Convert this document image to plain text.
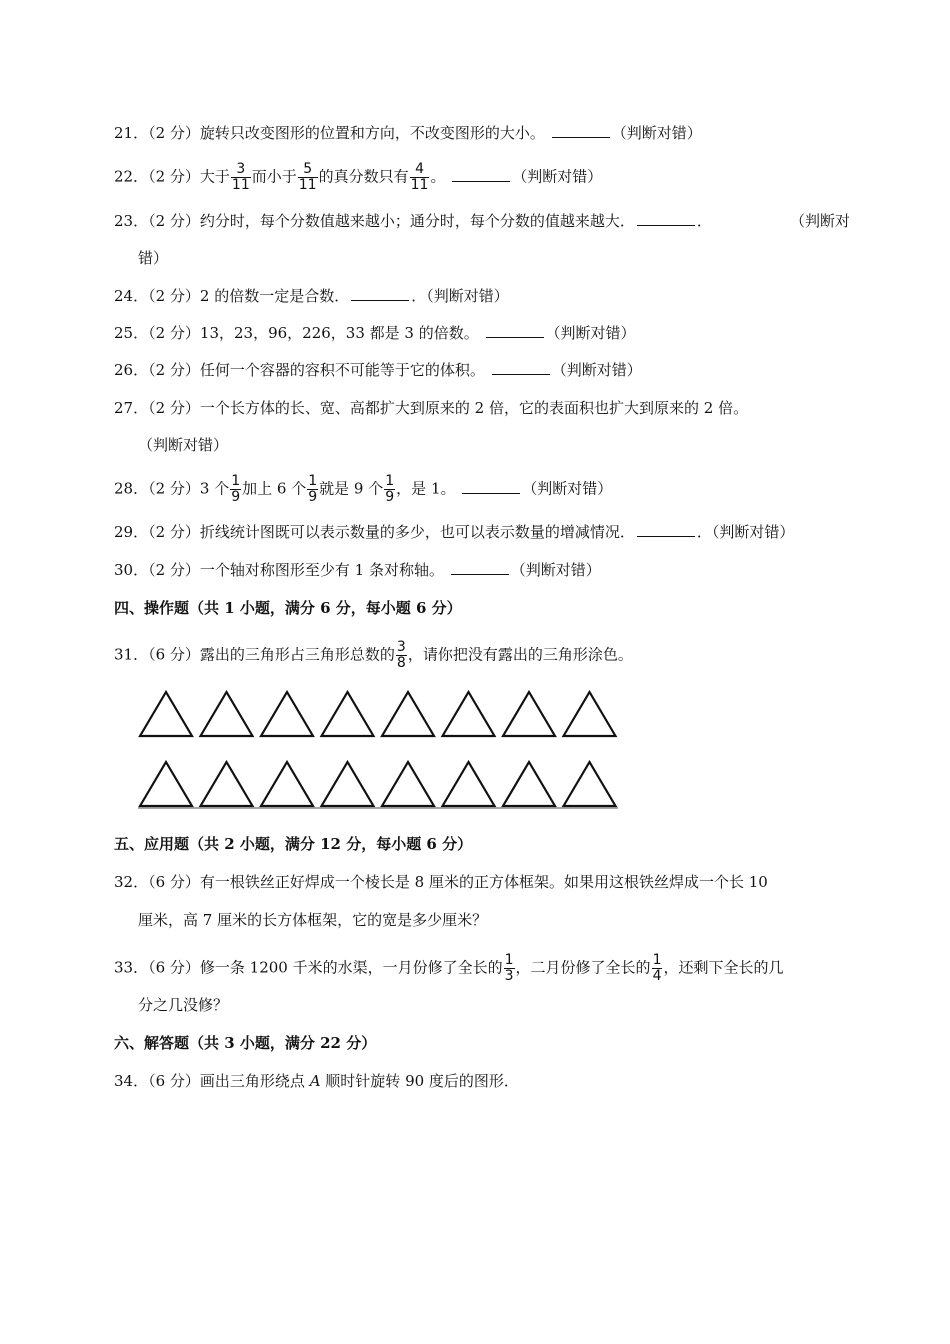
21．（2 分）旋转只改变图形的位置和方向，不改变图形的大小。	（判断对错）
22．（2 分）大于 $\frac{3}{11}$ 而小于 $\frac{5}{11}$ 的真分数只有 $\frac{4}{11}$ 。	（判断对错）
23．（2 分）约分时，每个分数值越来越小；通分时，每个分数的值越来越大．	．	（判断对
错）
24．（2 分）2 的倍数一定是合数．	．（判断对错）
25．（2 分）13，23，96，226，33 都是 3 的倍数。	（判断对错）
26．（2 分）任何一个容器的容积不可能等于它的体积。	（判断对错）
27．（2 分）一个长方体的长、宽、高都扩大到原来的 2 倍，它的表面积也扩大到原来的 2 倍。
（判断对错）
28．（2 分）3 个 $\frac{1}{9}$ 加上 6 个 $\frac{1}{9}$ 就是 9 个 $\frac{1}{9}$ ，是 1。	（判断对错）
29．（2 分）折线统计图既可以表示数量的多少，也可以表示数量的增减情况．	．（判断对错）
30．（2 分）一个轴对称图形至少有 1 条对称轴。	（判断对错）
四、操作题（共 1 小题，满分 6 分，每小题 6 分）
31．（6 分）露出的三角形占三角形总数的 $\frac{3}{8}$ ，请你把没有露出的三角形涂色。
五、应用题（共 2 小题，满分 12 分，每小题 6 分）
32．（6 分）有一根铁丝正好焊成一个棱长是 8 厘米的正方体框架。如果用这根铁丝焊成一个长 10
厘米，高 7 厘米的长方体框架，它的宽是多少厘米？
33．（6 分）修一条 1200 千米的水渠，一月份修了全长的 $\frac{1}{3}$ ，二月份修了全长的 $\frac{1}{4}$ ，还剩下全长的几
分之几没修？
六、解答题（共 3 小题，满分 22 分）
34．（6 分）画出三角形绕点 A 顺时针旋转 90 度后的图形．
